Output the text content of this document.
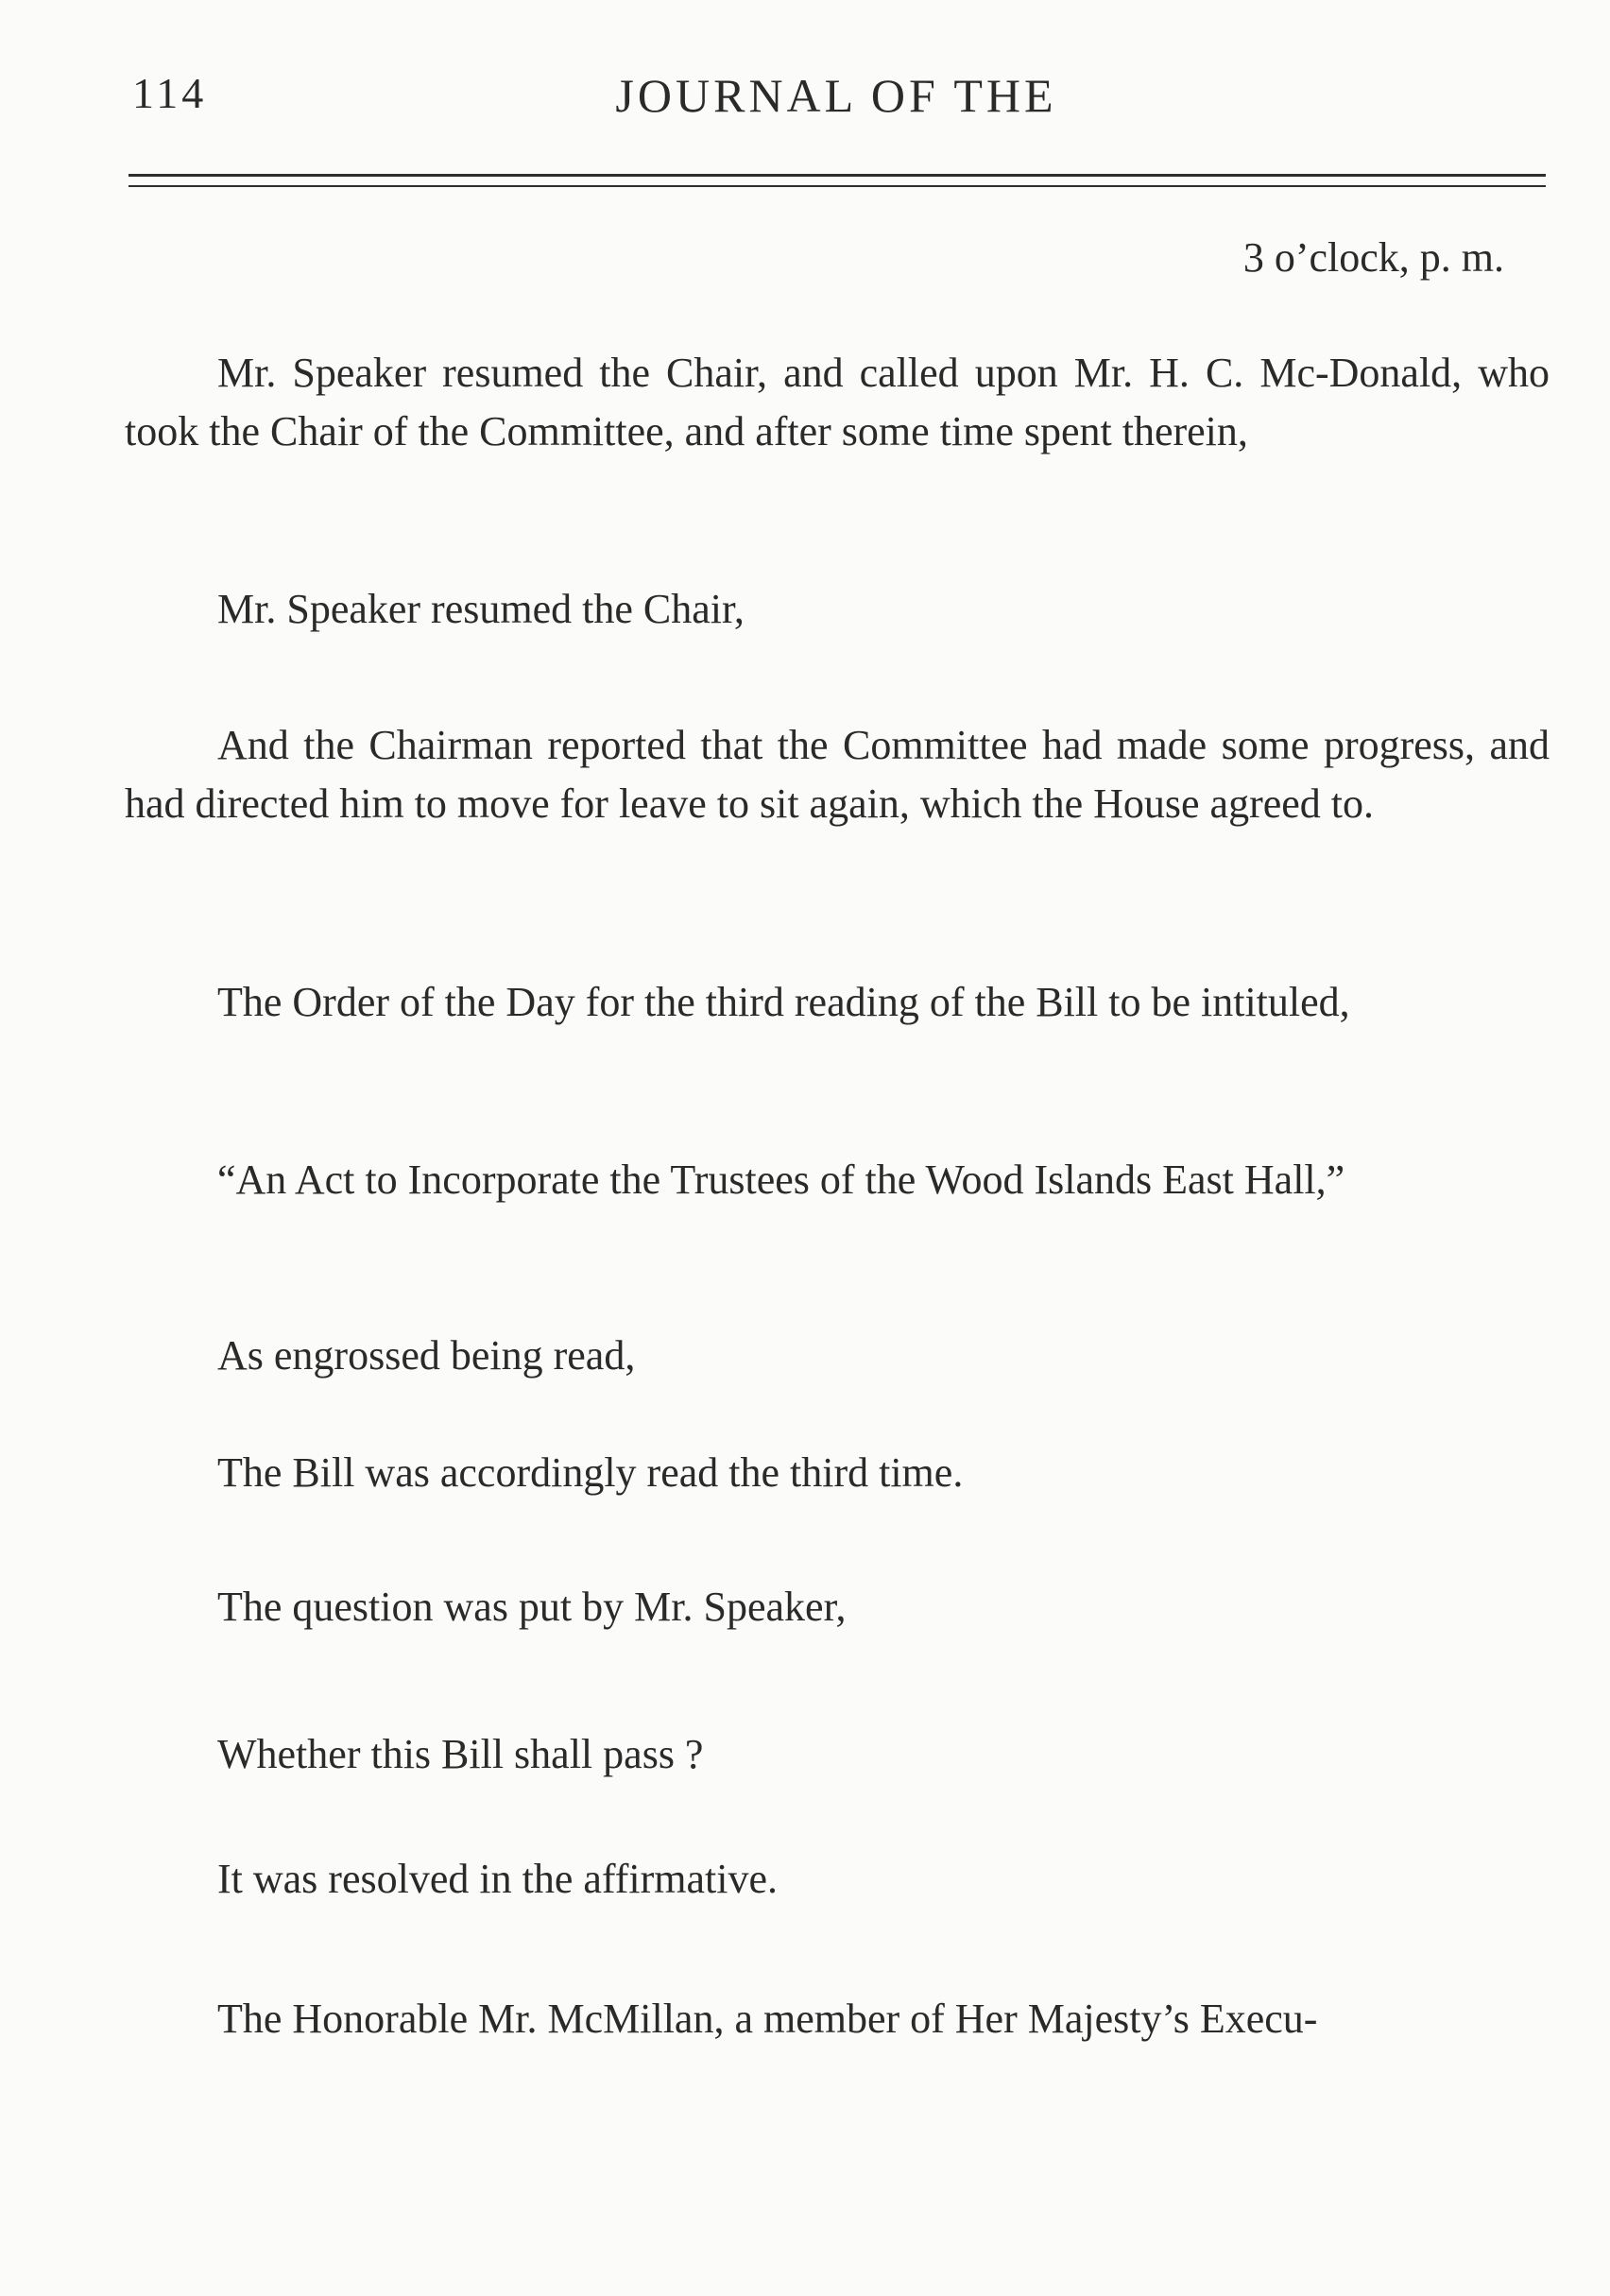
114	JOURNAL OF THE
3 o’clock, p. m.

Mr. Speaker resumed the Chair, and called upon Mr. H. C. Mc-Donald, who took the Chair of the Committee, and after some time spent therein,

Mr. Speaker resumed the Chair,

And the Chairman reported that the Committee had made some progress, and had directed him to move for leave to sit again, which the House agreed to.

The Order of the Day for the third reading of the Bill to be intituled,

“An Act to Incorporate the Trustees of the Wood Islands East Hall,”

As engrossed being read,

The Bill was accordingly read the third time.

The question was put by Mr. Speaker,

Whether this Bill shall pass ?

It was resolved in the affirmative.

The Honorable Mr. McMillan, a member of Her Majesty’s Execu-
